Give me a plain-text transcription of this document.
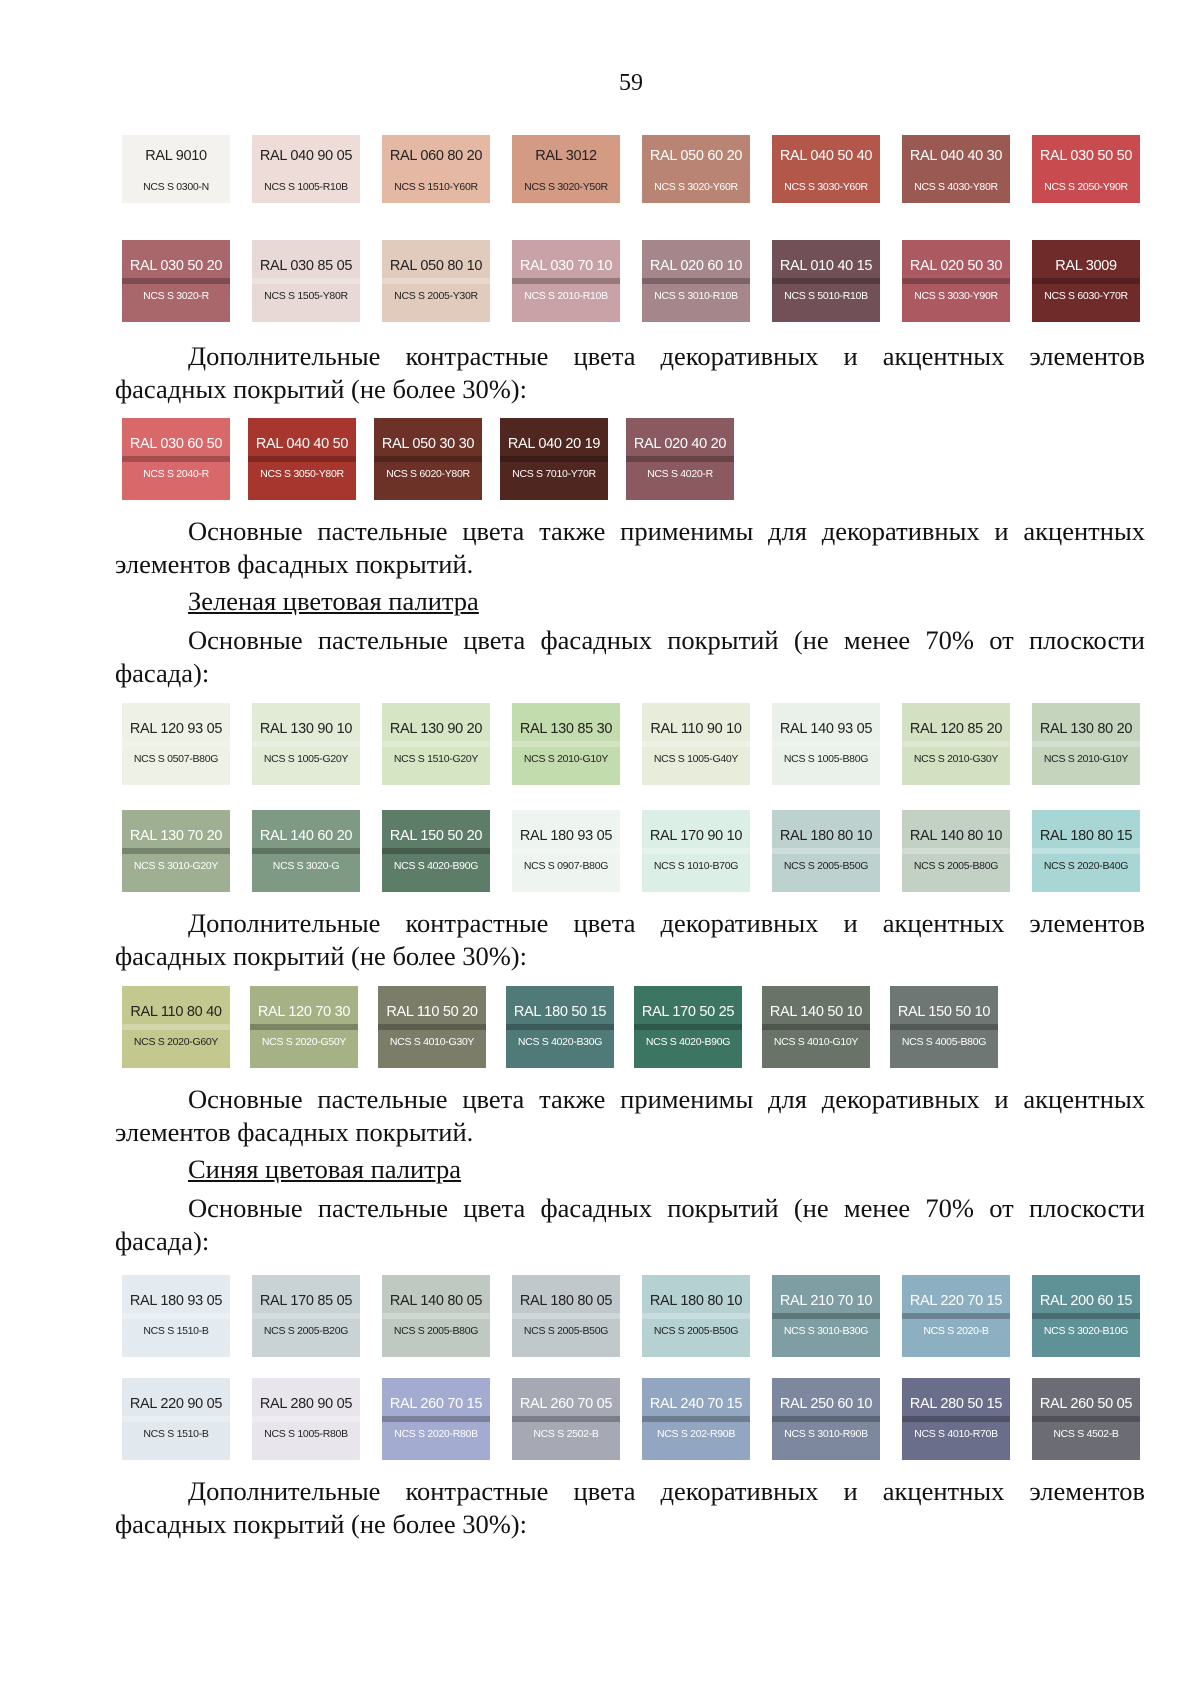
59
RAL 9010
NCS S 0300-N
RAL 040 90 05
NCS S 1005-R10B
RAL 060 80 20
NCS S 1510-Y60R
RAL 3012
NCS S 3020-Y50R
RAL 050 60 20
NCS S 3020-Y60R
RAL 040 50 40
NCS S 3030-Y60R
RAL 040 40 30
NCS S 4030-Y80R
RAL 030 50 50
NCS S 2050-Y90R
RAL 030 50 20
NCS S 3020-R
RAL 030 85 05
NCS S 1505-Y80R
RAL 050 80 10
NCS S 2005-Y30R
RAL 030 70 10
NCS S 2010-R10B
RAL 020 60 10
NCS S 3010-R10B
RAL 010 40 15
NCS S 5010-R10B
RAL 020 50 30
NCS S 3030-Y90R
RAL 3009
NCS S 6030-Y70R
Дополнительные контрастные цвета декоративных и акцентных элементов
фасадных покрытий (не более 30%):
RAL 030 60 50
NCS S 2040-R
RAL 040 40 50
NCS S 3050-Y80R
RAL 050 30 30
NCS S 6020-Y80R
RAL 040 20 19
NCS S 7010-Y70R
RAL 020 40 20
NCS S 4020-R
Основные пастельные цвета также применимы для декоративных и акцентных
элементов фасадных покрытий.
Зеленая цветовая палитра
Основные пастельные цвета фасадных покрытий (не менее 70% от плоскости
фасада):
RAL 120 93 05
NCS S 0507-B80G
RAL 130 90 10
NCS S 1005-G20Y
RAL 130 90 20
NCS S 1510-G20Y
RAL 130 85 30
NCS S 2010-G10Y
RAL 110 90 10
NCS S 1005-G40Y
RAL 140 93 05
NCS S 1005-B80G
RAL 120 85 20
NCS S 2010-G30Y
RAL 130 80 20
NCS S 2010-G10Y
RAL 130 70 20
NCS S 3010-G20Y
RAL 140 60 20
NCS S 3020-G
RAL 150 50 20
NCS S 4020-B90G
RAL 180 93 05
NCS S 0907-B80G
RAL 170 90 10
NCS S 1010-B70G
RAL 180 80 10
NCS S 2005-B50G
RAL 140 80 10
NCS S 2005-B80G
RAL 180 80 15
NCS S 2020-B40G
Дополнительные контрастные цвета декоративных и акцентных элементов
фасадных покрытий (не более 30%):
RAL 110 80 40
NCS S 2020-G60Y
RAL 120 70 30
NCS S 2020-G50Y
RAL 110 50 20
NCS S 4010-G30Y
RAL 180 50 15
NCS S 4020-B30G
RAL 170 50 25
NCS S 4020-B90G
RAL 140 50 10
NCS S 4010-G10Y
RAL 150 50 10
NCS S 4005-B80G
Основные пастельные цвета также применимы для декоративных и акцентных
элементов фасадных покрытий.
Синяя цветовая палитра
Основные пастельные цвета фасадных покрытий (не менее 70% от плоскости
фасада):
RAL 180 93 05
NCS S 1510-B
RAL 170 85 05
NCS S 2005-B20G
RAL 140 80 05
NCS S 2005-B80G
RAL 180 80 05
NCS S 2005-B50G
RAL 180 80 10
NCS S 2005-B50G
RAL 210 70 10
NCS S 3010-B30G
RAL 220 70 15
NCS S 2020-B
RAL 200 60 15
NCS S 3020-B10G
RAL 220 90 05
NCS S 1510-B
RAL 280 90 05
NCS S 1005-R80B
RAL 260 70 15
NCS S 2020-R80B
RAL 260 70 05
NCS S 2502-B
RAL 240 70 15
NCS S 202-R90B
RAL 250 60 10
NCS S 3010-R90B
RAL 280 50 15
NCS S 4010-R70B
RAL 260 50 05
NCS S 4502-B
Дополнительные контрастные цвета декоративных и акцентных элементов
фасадных покрытий (не более 30%):
